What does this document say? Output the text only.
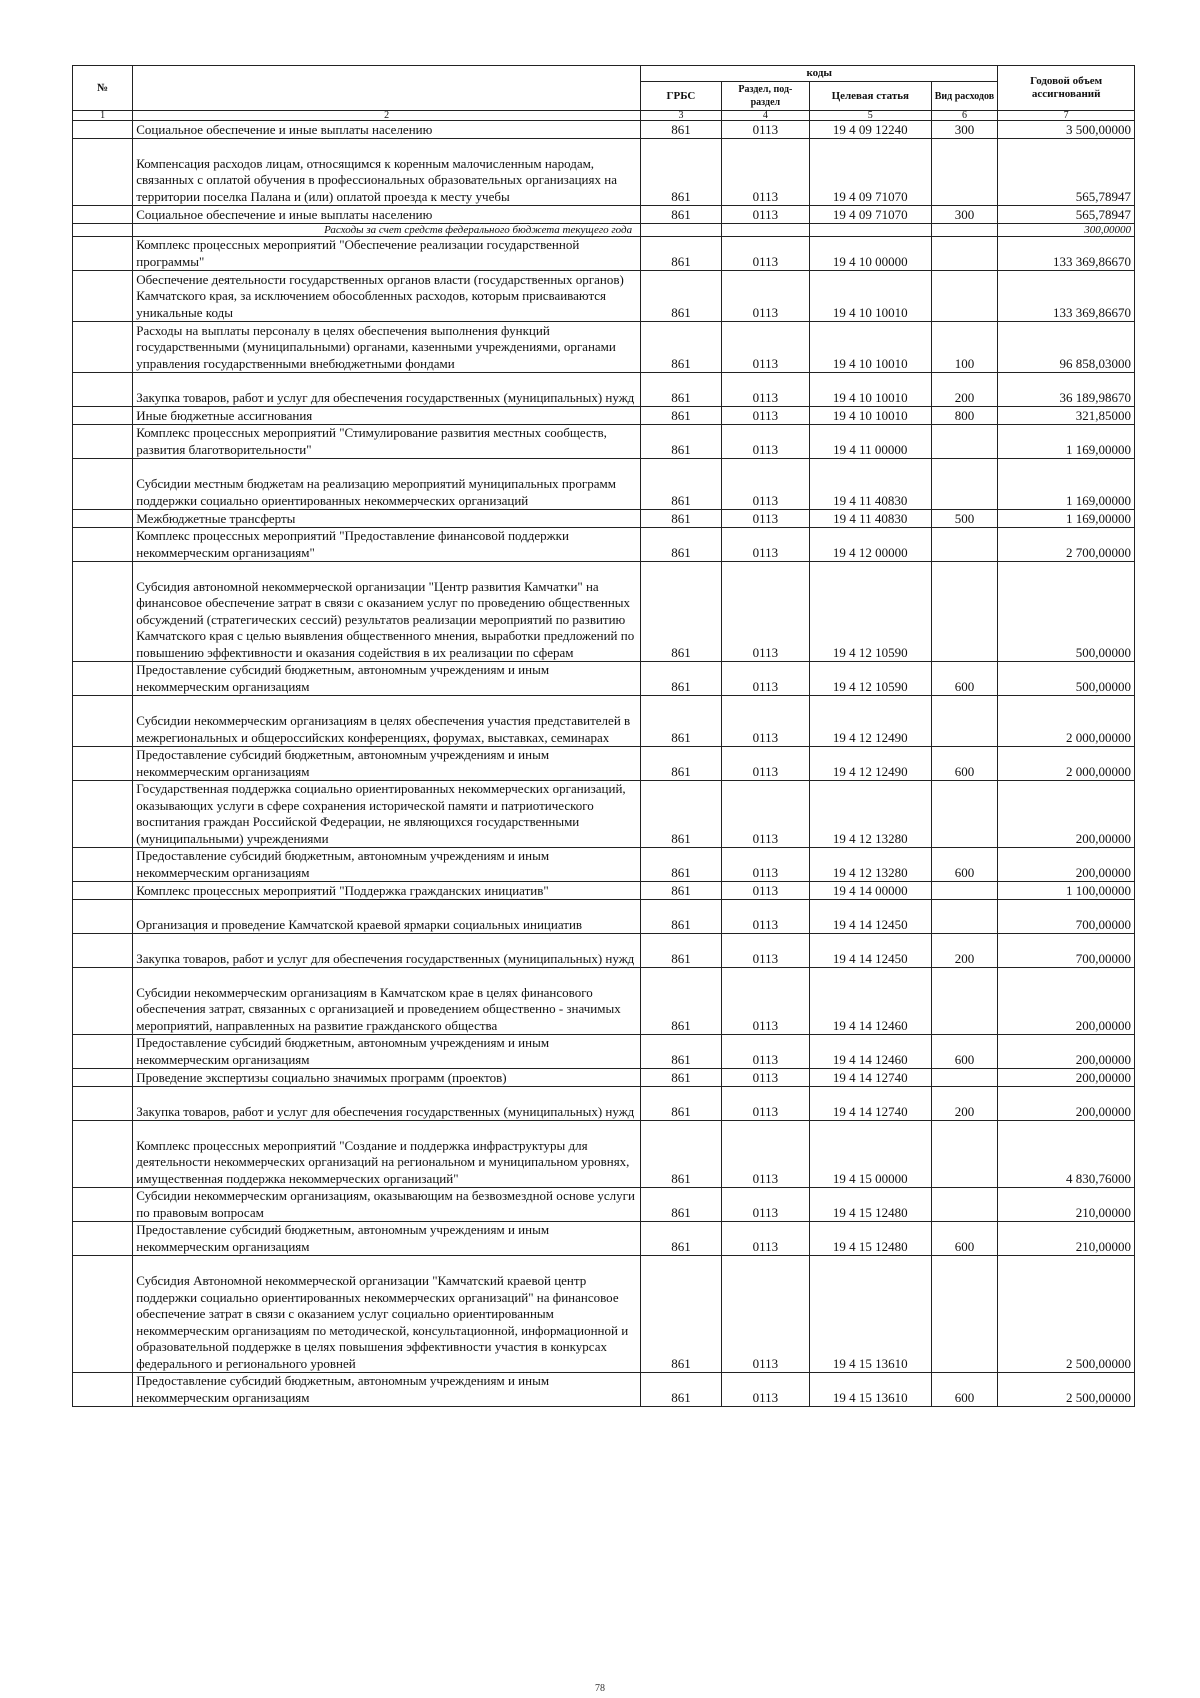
№		коды				Годовой объем ассигнований
		ГРБС	Раздел, под-раздел	Целевая статья	Вид расходов	
1	2	3	4	5	6	7
	Социальное обеспечение и иные выплаты населению	861	0113	19 4 09 12240	300	3 500,00000
	Компенсация расходов лицам, относящимся к коренным малочисленным народам, связанных с оплатой обучения в профессиональных образовательных организациях на территории поселка Палана и (или) оплатой проезда к месту учебы	861	0113	19 4 09 71070		565,78947
	Социальное обеспечение и иные выплаты населению	861	0113	19 4 09 71070	300	565,78947
	Расходы за счет средств федерального бюджета текущего года					300,00000
	Комплекс процессных мероприятий "Обеспечение реализации государственной программы"	861	0113	19 4 10 00000		133 369,86670
	Обеспечение деятельности государственных органов власти (государственных органов) Камчатского края, за исключением обособленных расходов, которым присваиваются уникальные коды	861	0113	19 4 10 10010		133 369,86670
	Расходы на выплаты персоналу в целях обеспечения выполнения функций государственными (муниципальными) органами, казенными учреждениями, органами управления государственными внебюджетными фондами	861	0113	19 4 10 10010	100	96 858,03000
	Закупка товаров, работ и услуг для обеспечения государственных (муниципальных) нужд	861	0113	19 4 10 10010	200	36 189,98670
	Иные бюджетные ассигнования	861	0113	19 4 10 10010	800	321,85000
	Комплекс процессных мероприятий "Стимулирование развития местных сообществ, развития благотворительности"	861	0113	19 4 11 00000		1 169,00000
	Субсидии местным бюджетам на реализацию мероприятий муниципальных программ поддержки социально ориентированных некоммерческих организаций	861	0113	19 4 11 40830		1 169,00000
	Межбюджетные трансферты	861	0113	19 4 11 40830	500	1 169,00000
	Комплекс процессных мероприятий "Предоставление финансовой поддержки некоммерческим организациям"	861	0113	19 4 12 00000		2 700,00000
	Субсидия автономной некоммерческой организации "Центр развития Камчатки" на финансовое обеспечение затрат в связи с оказанием услуг по проведению общественных обсуждений (стратегических сессий) результатов реализации мероприятий по развитию Камчатского края с целью выявления общественного мнения, выработки предложений по повышению эффективности и оказания содействия в их реализации по сферам	861	0113	19 4 12 10590		500,00000
	Предоставление субсидий бюджетным, автономным учреждениям и иным некоммерческим организациям	861	0113	19 4 12 10590	600	500,00000
	Субсидии некоммерческим организациям в целях обеспечения участия представителей в межрегиональных и общероссийских конференциях, форумах, выставках, семинарах	861	0113	19 4 12 12490		2 000,00000
	Предоставление субсидий бюджетным, автономным учреждениям и иным некоммерческим организациям	861	0113	19 4 12 12490	600	2 000,00000
	Государственная поддержка социально ориентированных некоммерческих организаций, оказывающих услуги в сфере сохранения исторической памяти и патриотического воспитания граждан Российской Федерации, не являющихся государственными (муниципальными) учреждениями	861	0113	19 4 12 13280		200,00000
	Предоставление субсидий бюджетным, автономным учреждениям и иным некоммерческим организациям	861	0113	19 4 12 13280	600	200,00000
	Комплекс процессных мероприятий "Поддержка гражданских инициатив"	861	0113	19 4 14 00000		1 100,00000
	Организация и проведение Камчатской краевой ярмарки социальных инициатив	861	0113	19 4 14 12450		700,00000
	Закупка товаров, работ и услуг для обеспечения государственных (муниципальных) нужд	861	0113	19 4 14 12450	200	700,00000
	Субсидии некоммерческим организациям в Камчатском крае в целях финансового обеспечения затрат, связанных с организацией и проведением общественно - значимых мероприятий, направленных на развитие гражданского общества	861	0113	19 4 14 12460		200,00000
	Предоставление субсидий бюджетным, автономным учреждениям и иным некоммерческим организациям	861	0113	19 4 14 12460	600	200,00000
	Проведение экспертизы социально значимых программ (проектов)	861	0113	19 4 14 12740		200,00000
	Закупка товаров, работ и услуг для обеспечения государственных (муниципальных) нужд	861	0113	19 4 14 12740	200	200,00000
	Комплекс процессных мероприятий "Создание и поддержка инфраструктуры для деятельности некоммерческих организаций на региональном и муниципальном уровнях, имущественная поддержка некоммерческих организаций"	861	0113	19 4 15 00000		4 830,76000
	Субсидии некоммерческим организациям, оказывающим на безвозмездной основе услуги по правовым вопросам	861	0113	19 4 15 12480		210,00000
	Предоставление субсидий бюджетным, автономным учреждениям и иным некоммерческим организациям	861	0113	19 4 15 12480	600	210,00000
	Субсидия Автономной некоммерческой организации "Камчатский краевой центр поддержки социально ориентированных некоммерческих организаций" на финансовое обеспечение затрат в связи с оказанием услуг социально ориентированным некоммерческим организациям по методической, консультационной, информационной и образовательной поддержке в целях повышения эффективности участия в конкурсах федерального и регионального уровней	861	0113	19 4 15 13610		2 500,00000
	Предоставление субсидий бюджетным, автономным учреждениям и иным некоммерческим организациям	861	0113	19 4 15 13610	600	2 500,00000
78
